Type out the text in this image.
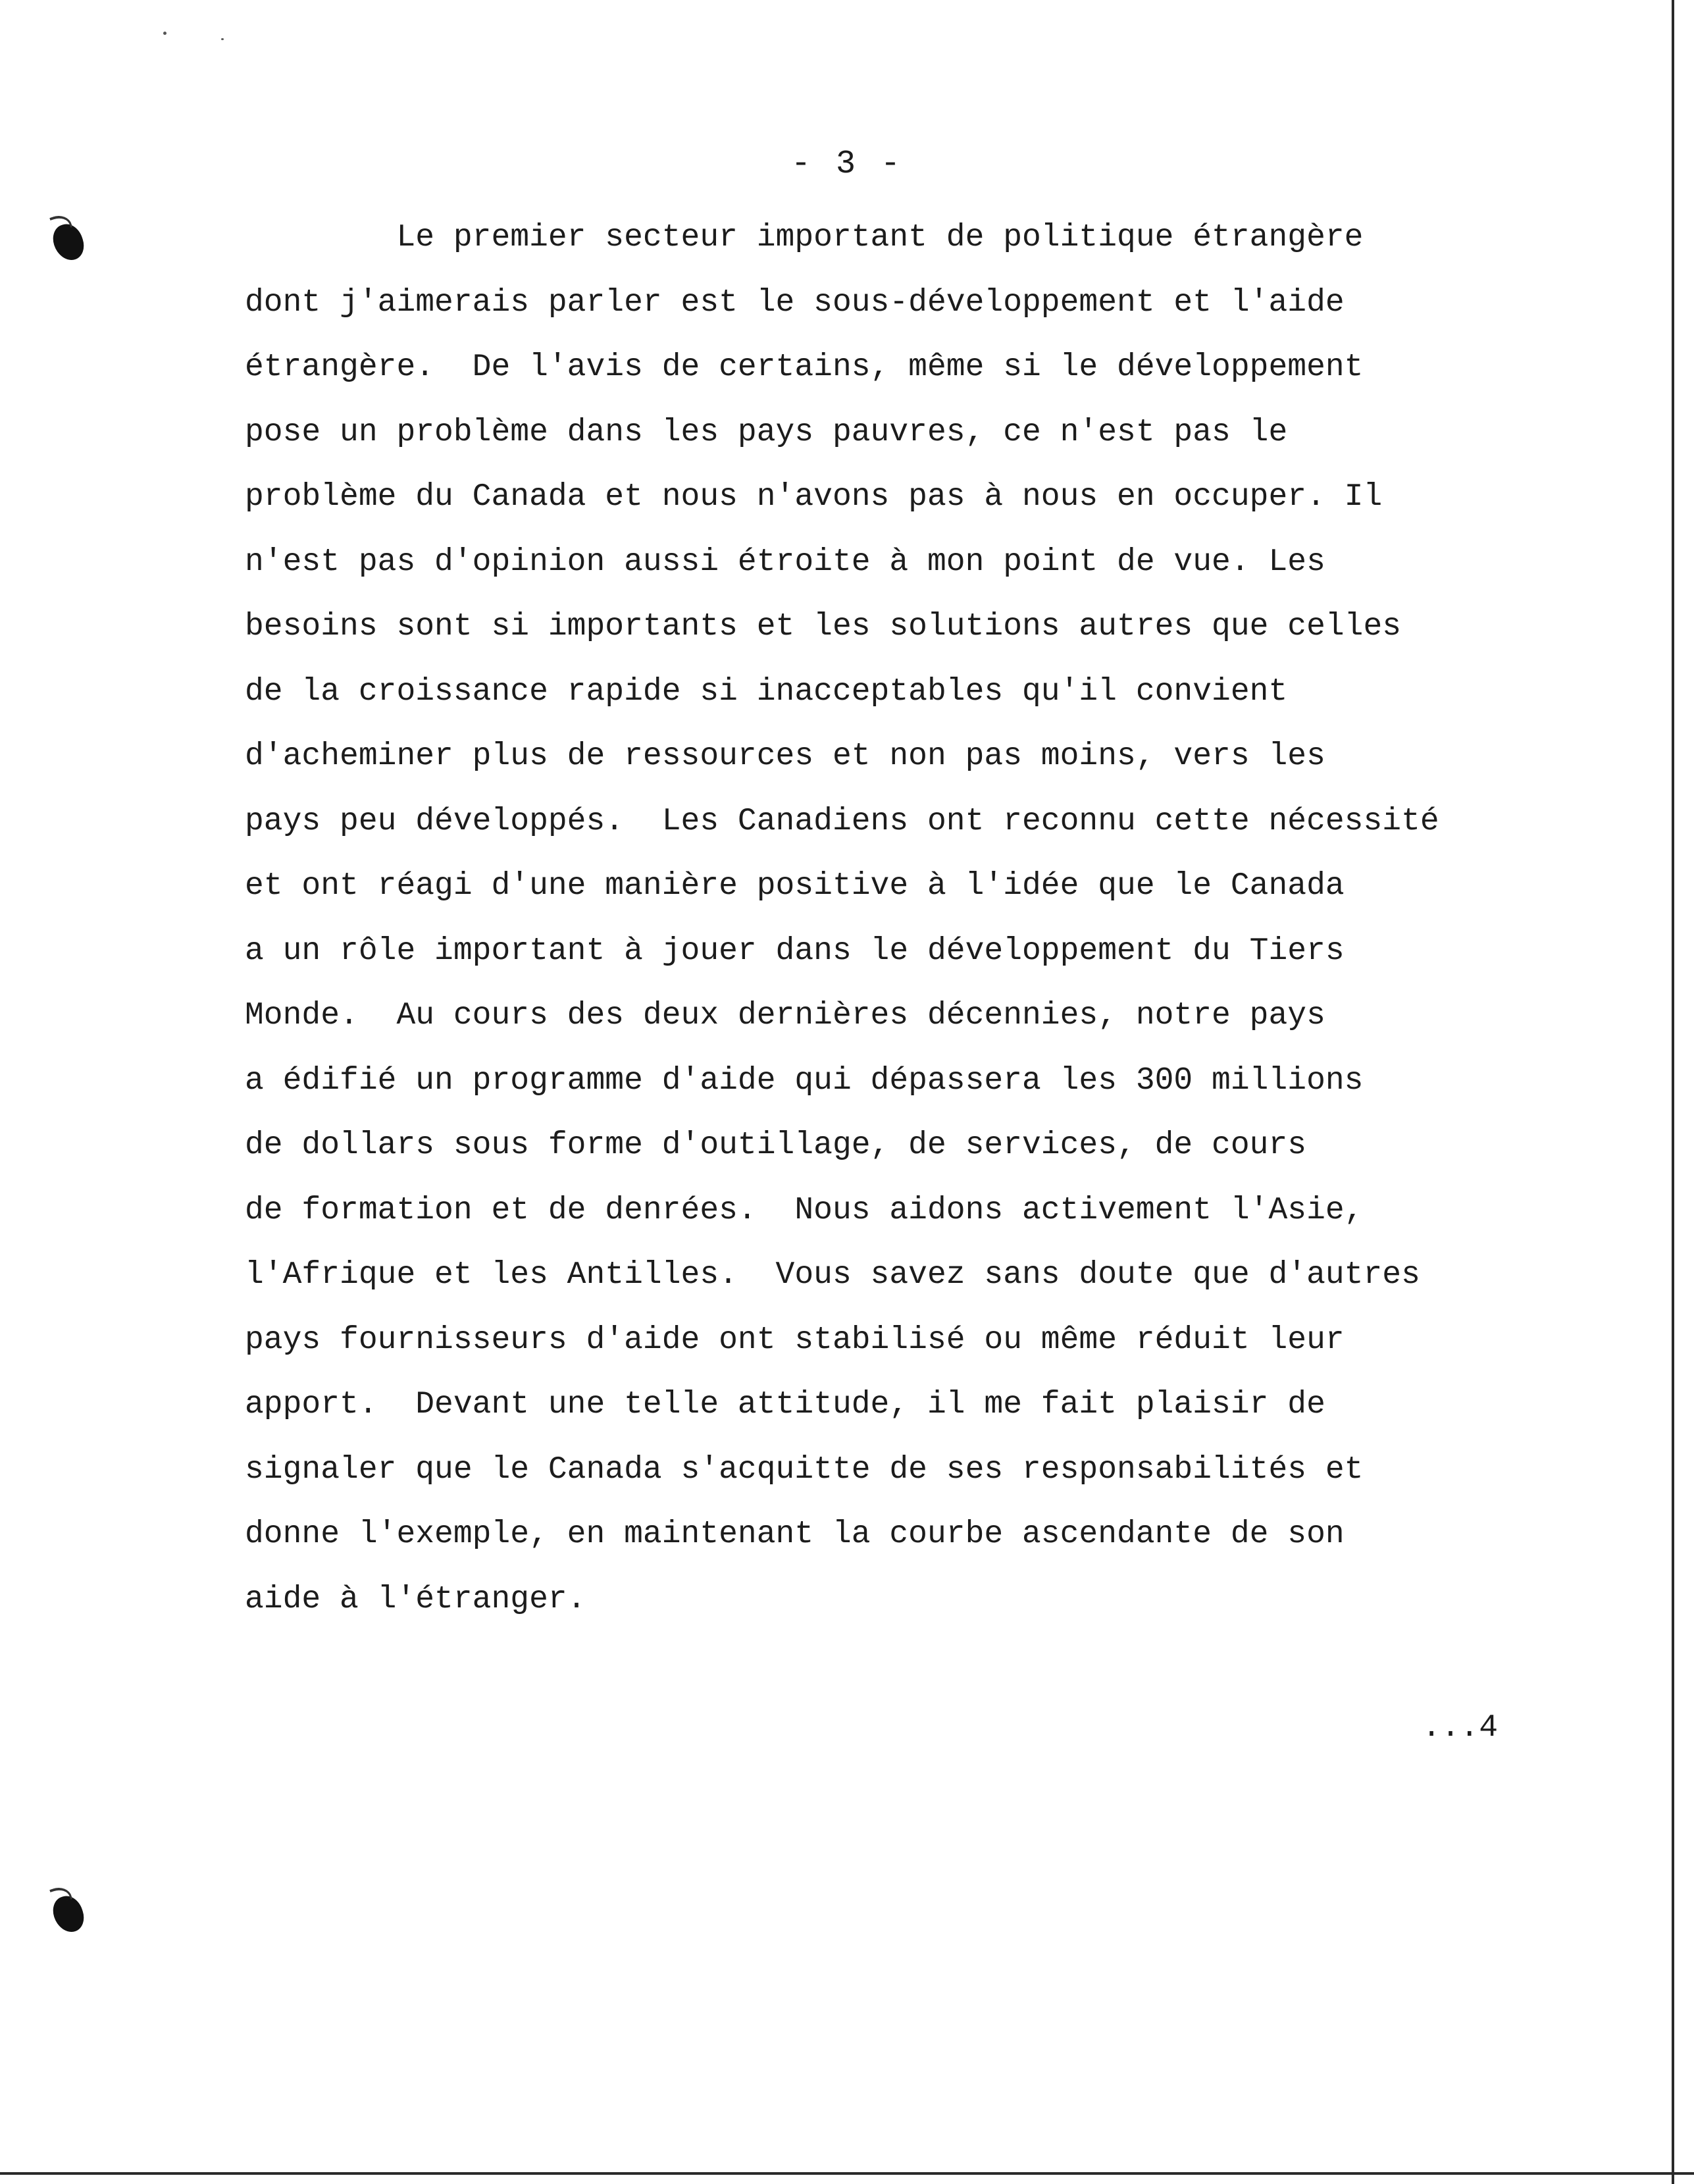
- 3 -
Le premier secteur important de politique étrangère
dont j'aimerais parler est le sous-développement et l'aide
étrangère.  De l'avis de certains, même si le développement
pose un problème dans les pays pauvres, ce n'est pas le
problème du Canada et nous n'avons pas à nous en occuper. Il
n'est pas d'opinion aussi étroite à mon point de vue. Les
besoins sont si importants et les solutions autres que celles
de la croissance rapide si inacceptables qu'il convient
d'acheminer plus de ressources et non pas moins, vers les
pays peu développés.  Les Canadiens ont reconnu cette nécessité
et ont réagi d'une manière positive à l'idée que le Canada
a un rôle important à jouer dans le développement du Tiers
Monde.  Au cours des deux dernières décennies, notre pays
a édifié un programme d'aide qui dépassera les 300 millions
de dollars sous forme d'outillage, de services, de cours
de formation et de denrées.  Nous aidons activement l'Asie,
l'Afrique et les Antilles.  Vous savez sans doute que d'autres
pays fournisseurs d'aide ont stabilisé ou même réduit leur
apport.  Devant une telle attitude, il me fait plaisir de
signaler que le Canada s'acquitte de ses responsabilités et
donne l'exemple, en maintenant la courbe ascendante de son
aide à l'étranger.
...4
